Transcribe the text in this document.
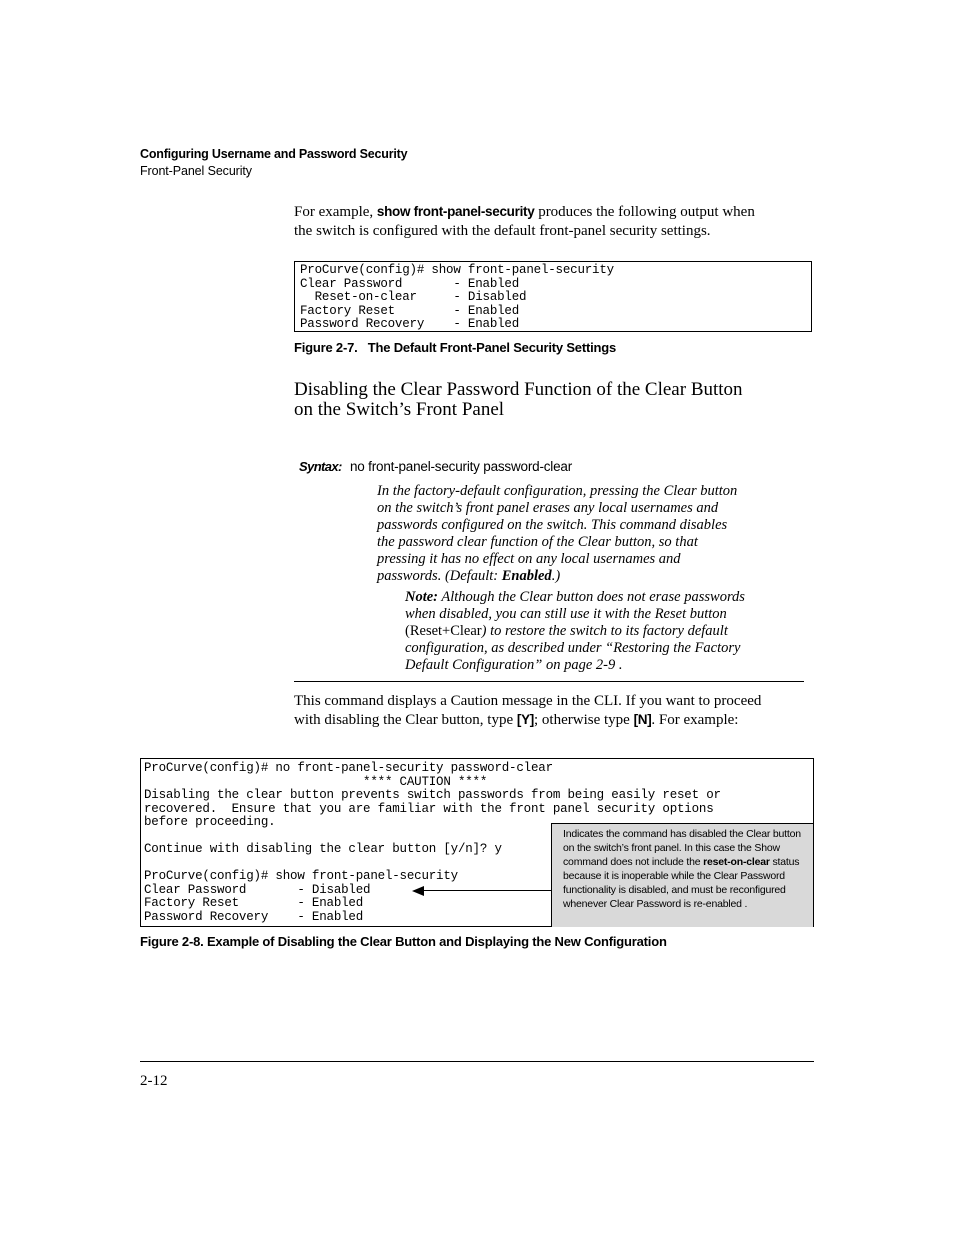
Configuring Username and Password Security
Front-Panel Security
For example, show front-panel-security produces the following output when
the switch is configured with the default front-panel security settings.
ProCurve(config)# show front-panel-security
Clear Password       - Enabled
Reset-on-clear     - Disabled
Factory Reset        - Enabled
Password Recovery    - Enabled
Figure 2-7.   The Default Front-Panel Security Settings
Disabling the Clear Password Function of the Clear Button
on the Switch’s Front Panel
Syntax: no front-panel-security password-clear
In the factory-default configuration, pressing the Clear button
on the switch’s front panel erases any local usernames and
passwords configured on the switch. This command disables
the password clear function of the Clear button, so that
pressing it has no effect on any local usernames and
passwords. (Default: Enabled.)
Note: Although the Clear button does not erase passwords
when disabled, you can still use it with the Reset button
(Reset+Clear) to restore the switch to its factory default
configuration, as described under “Restoring the Factory
Default Configuration” on page 2-9 .
This command displays a Caution message in the CLI. If you want to proceed
with disabling the Clear button, type [Y]; otherwise type [N]. For example:
ProCurve(config)# no front-panel-security password-clear
**** CAUTION ****
Disabling the clear button prevents switch passwords from being easily reset or
recovered.  Ensure that you are familiar with the front panel security options
before proceeding.
Continue with disabling the clear button [y/n]? y
ProCurve(config)# show front-panel-security
Clear Password       - Disabled
Factory Reset        - Enabled
Password Recovery    - Enabled
Indicates the command has disabled the Clear button on the switch’s front panel. In this case the Show command does not include the reset-on-clear status because it is inoperable while the Clear Password functionality is disabled, and must be reconfigured whenever Clear Password is re-enabled .
Figure 2-8. Example of Disabling the Clear Button and Displaying the New Configuration
2-12
